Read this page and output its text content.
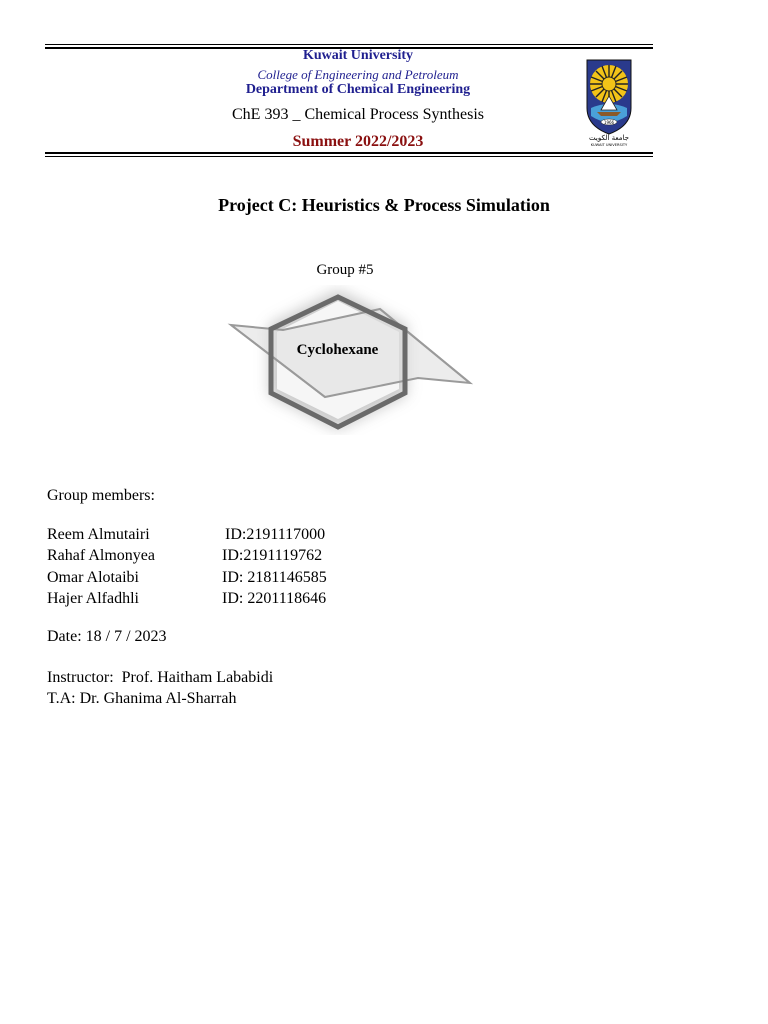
Kuwait University
College of Engineering and Petroleum
Department of Chemical Engineering
ChE 393 _ Chemical Process Synthesis
Summer 2022/2023
1966
جامعة الكويت
KUWAIT UNIVERSITY
Project C: Heuristics & Process Simulation
Group #5
Cyclohexane
Group members:
Reem Almutairi	ID:2191117000
Rahaf Almonyea	ID:2191119762
Omar Alotaibi	ID: 2181146585
Hajer Alfadhli	ID: 2201118646
Date: 18 / 7 / 2023
Instructor:  Prof. Haitham Lababidi
T.A: Dr. Ghanima Al-Sharrah
